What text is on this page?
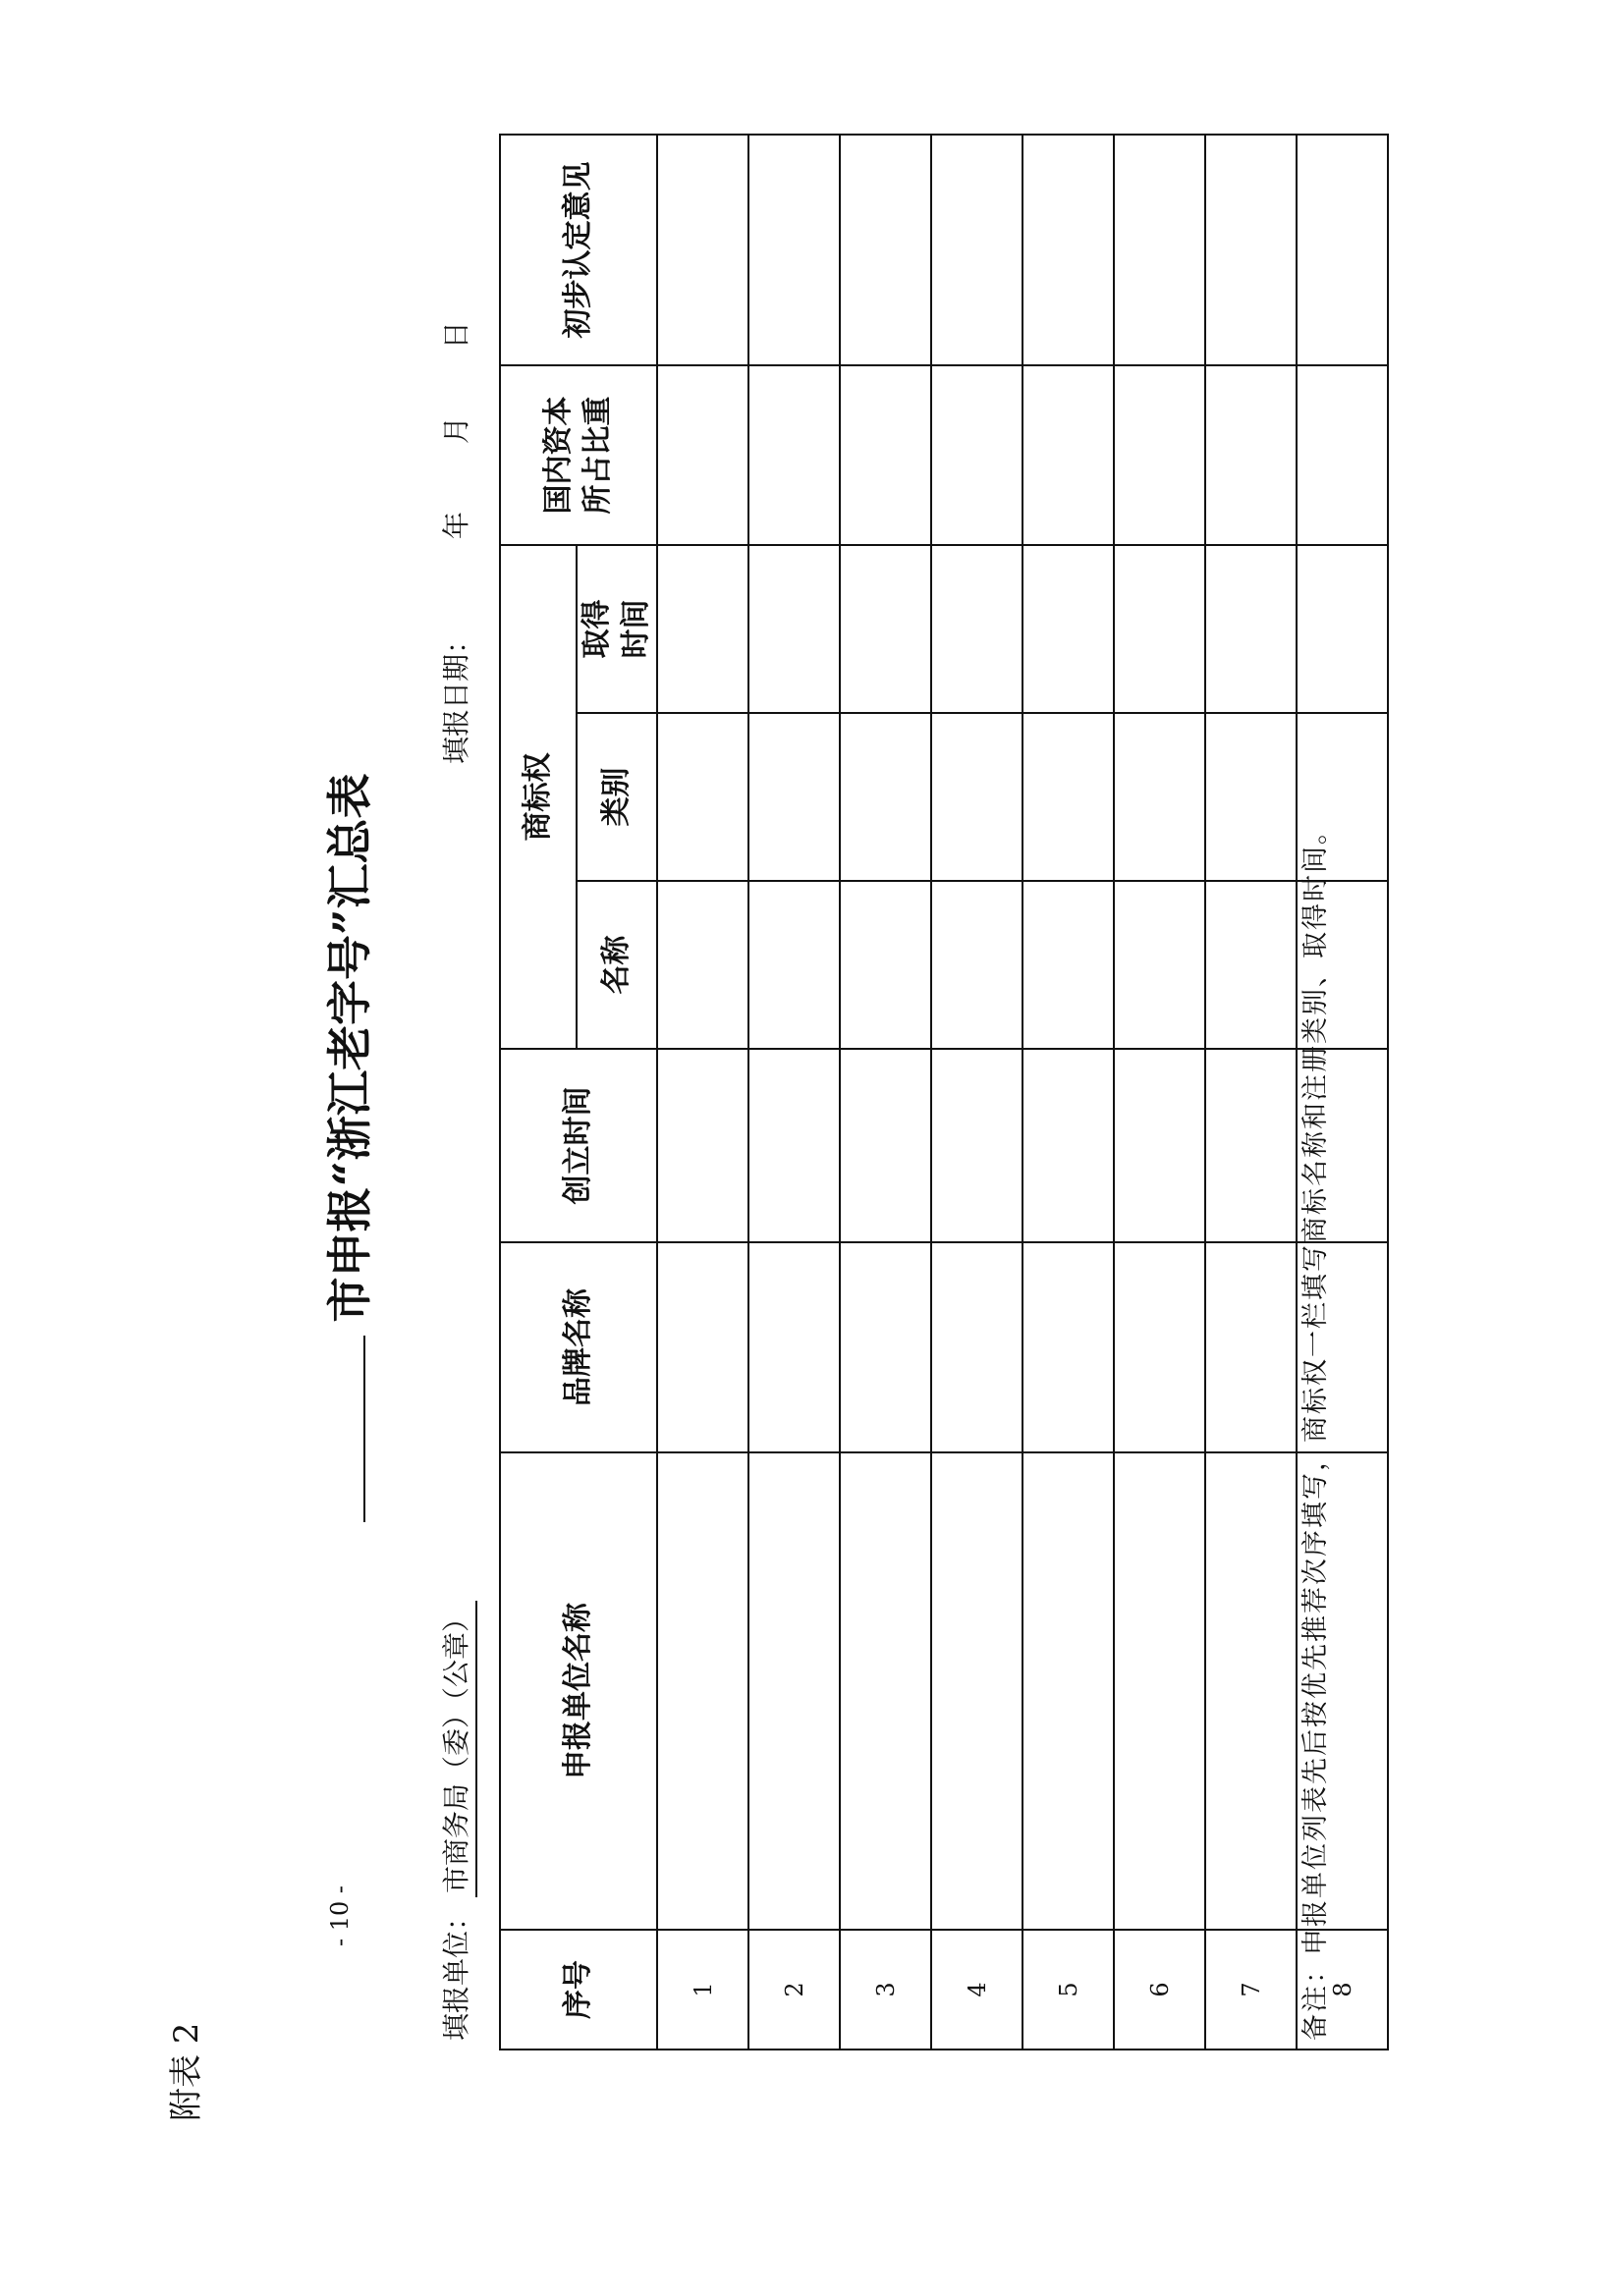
附表 2
市申报“浙江老字号”汇总表
填报单位：市商务局（委）（公章）
填报日期： 年 月 日
序号	申报单位名称	品牌名称	创立时间	商标权			国内资本 所占比重	初步认定意见
				名称	类别	取得 时间		

1								
2								
3								
4								
5								
6								
7								
8								
备注：申报单位列表先后按优先推荐次序填写，商标权一栏填写商标名称和注册类别、取得时间。
- 10 -
